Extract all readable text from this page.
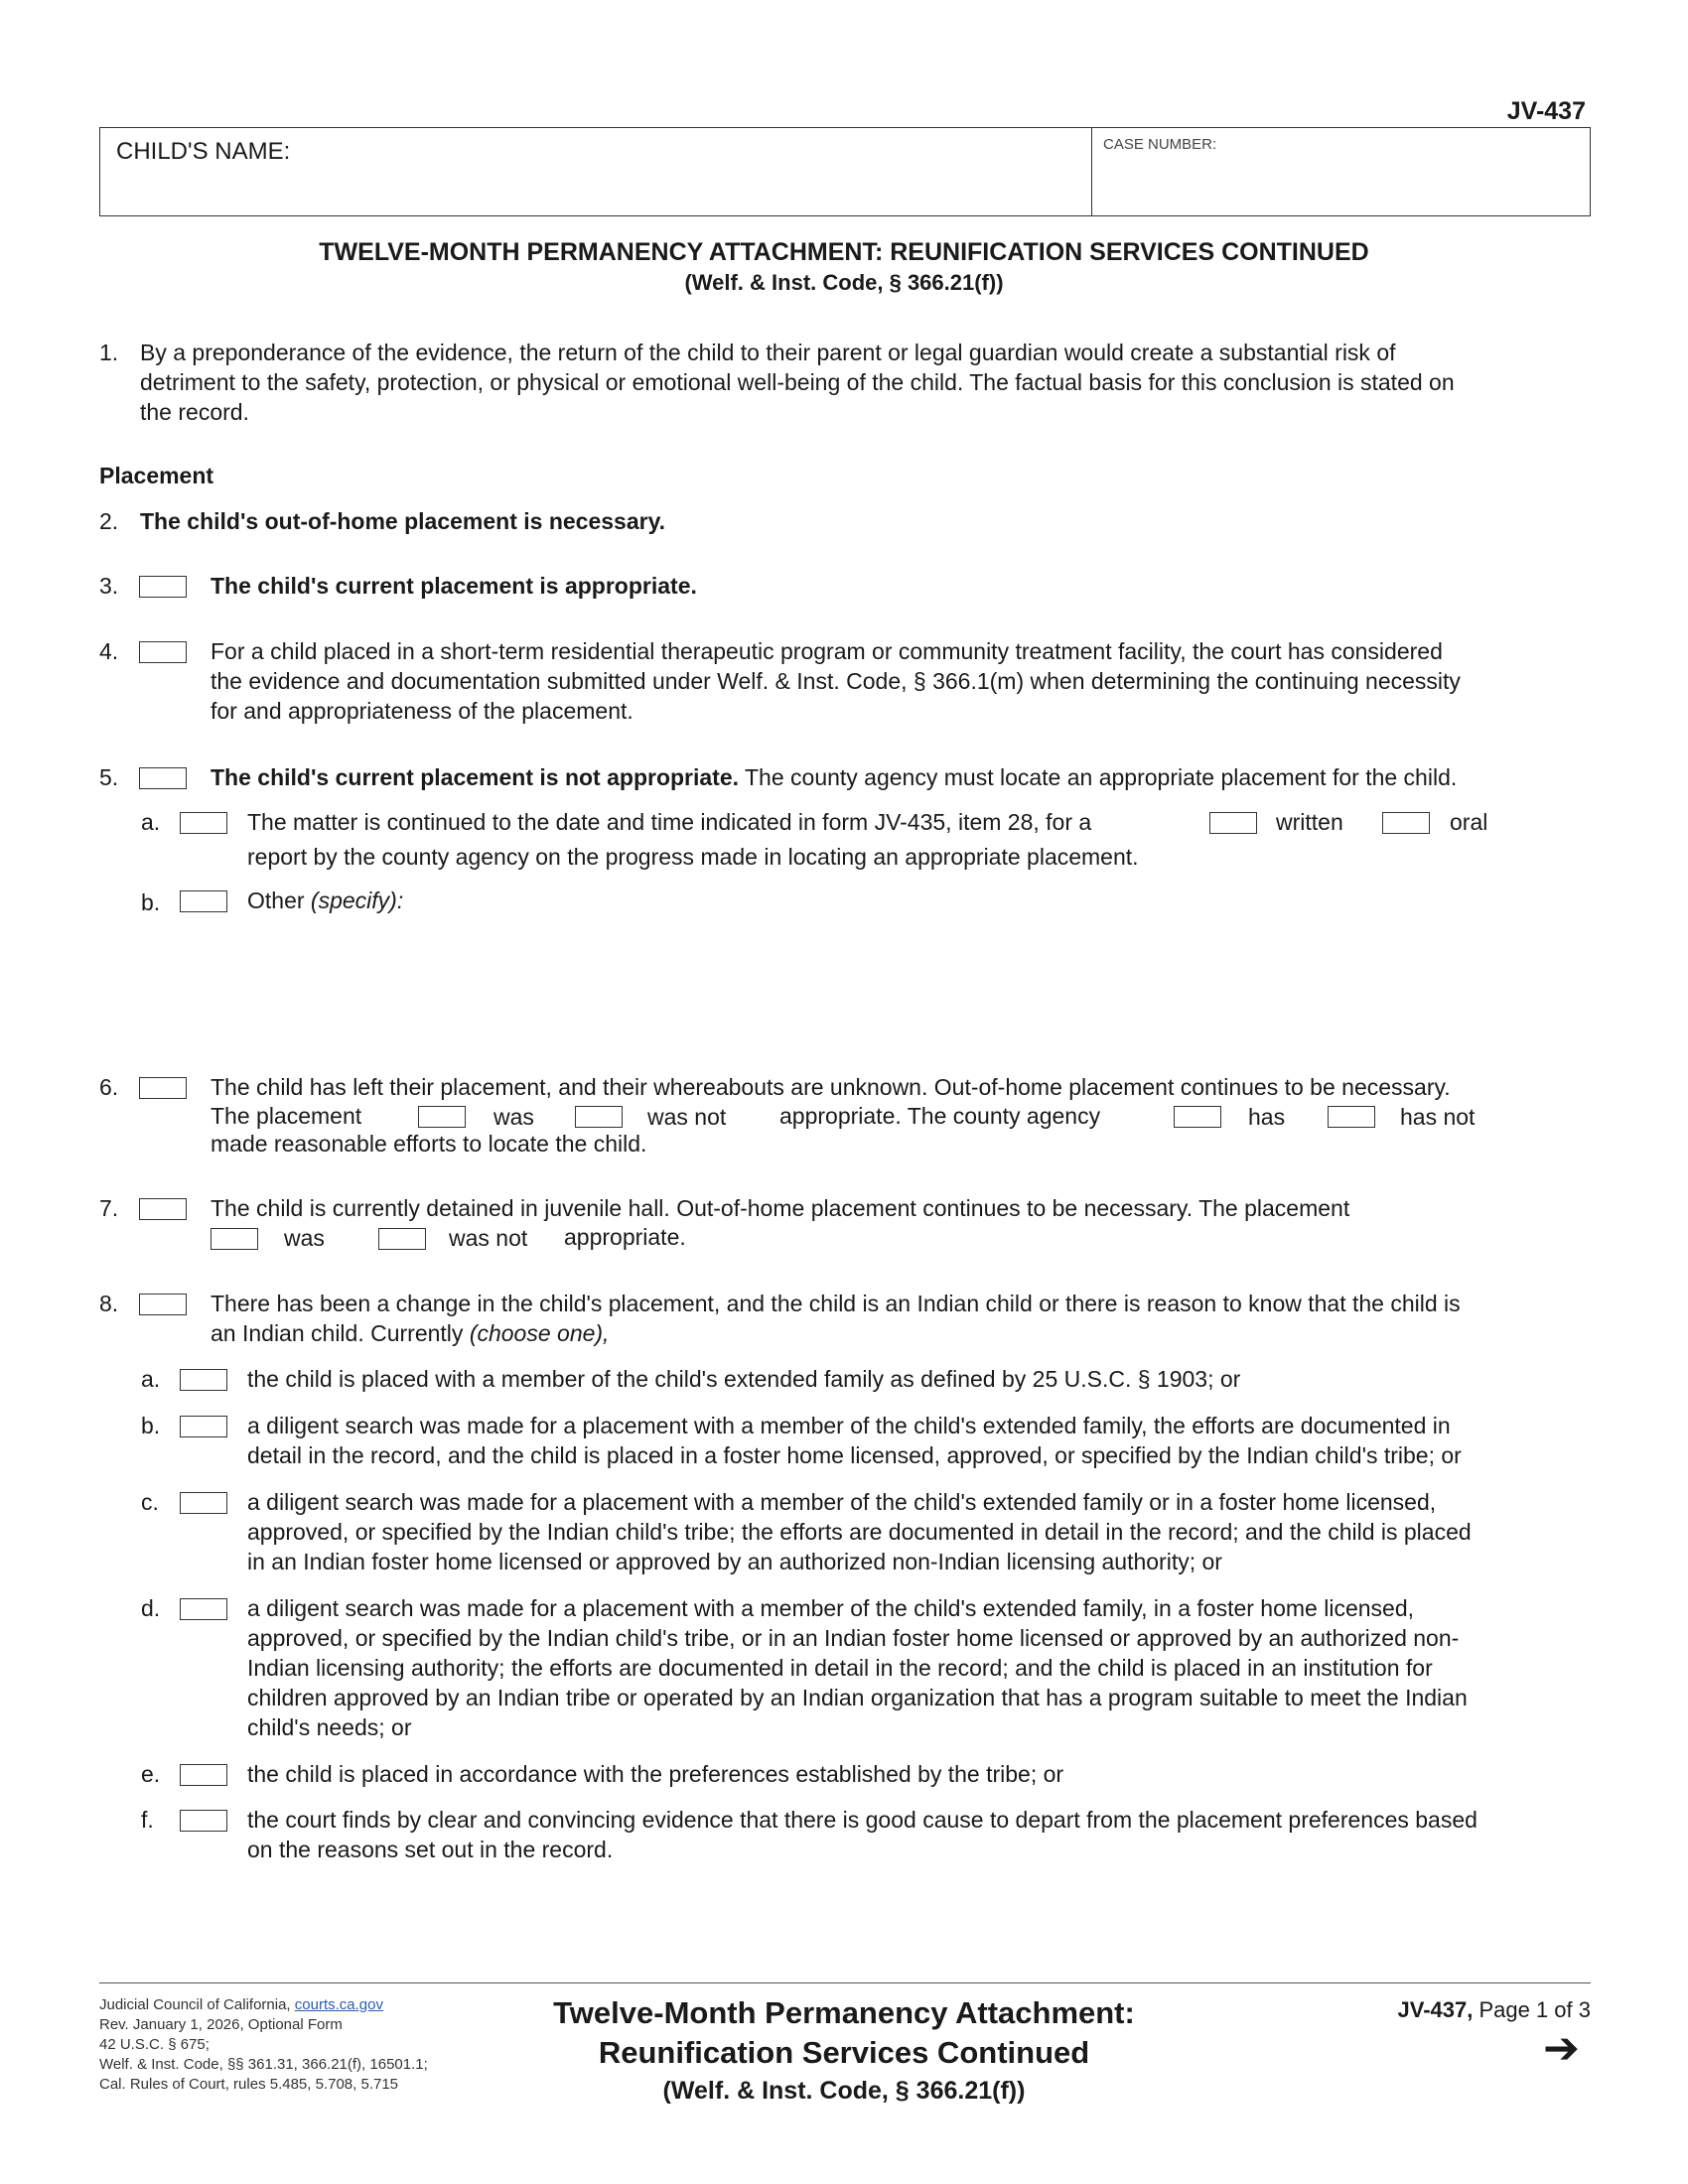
JV-437
CHILD'S NAME:	CASE NUMBER:
TWELVE-MONTH PERMANENCY ATTACHMENT: REUNIFICATION SERVICES CONTINUED
(Welf. & Inst. Code, § 366.21(f))
1. By a preponderance of the evidence, the return of the child to their parent or legal guardian would create a substantial risk of
detriment to the safety, protection, or physical or emotional well-being of the child. The factual basis for this conclusion is stated on
the record.
Placement
2. The child's out-of-home placement is necessary.
3.	The child's current placement is appropriate.
4.	For a child placed in a short-term residential therapeutic program or community treatment facility, the court has considered
the evidence and documentation submitted under Welf. & Inst. Code, § 366.1(m) when determining the continuing necessity
for and appropriateness of the placement.
5.	The child's current placement is not appropriate. The county agency must locate an appropriate placement for the child.
a.	The matter is continued to the date and time indicated in form JV-435, item 28, for a	written	oral
report by the county agency on the progress made in locating an appropriate placement.
b.	Other (specify):
6.	The child has left their placement, and their whereabouts are unknown. Out-of-home placement continues to be necessary.
The placement	was	was not appropriate. The county agency	has	has not
made reasonable efforts to locate the child.
7.	The child is currently detained in juvenile hall. Out-of-home placement continues to be necessary. The placement
was	was not appropriate.
8.	There has been a change in the child's placement, and the child is an Indian child or there is reason to know that the child is
an Indian child. Currently (choose one),
a.	the child is placed with a member of the child's extended family as defined by 25 U.S.C. § 1903; or
b.	a diligent search was made for a placement with a member of the child's extended family, the efforts are documented in
detail in the record, and the child is placed in a foster home licensed, approved, or specified by the Indian child's tribe; or
c.	a diligent search was made for a placement with a member of the child's extended family or in a foster home licensed,
approved, or specified by the Indian child's tribe; the efforts are documented in detail in the record; and the child is placed
in an Indian foster home licensed or approved by an authorized non-Indian licensing authority; or
d.	a diligent search was made for a placement with a member of the child's extended family, in a foster home licensed,
approved, or specified by the Indian child's tribe, or in an Indian foster home licensed or approved by an authorized non-
Indian licensing authority; the efforts are documented in detail in the record; and the child is placed in an institution for
children approved by an Indian tribe or operated by an Indian organization that has a program suitable to meet the Indian
child's needs; or
e.	the child is placed in accordance with the preferences established by the tribe; or
f.	the court finds by clear and convincing evidence that there is good cause to depart from the placement preferences based
on the reasons set out in the record.
Judicial Council of California, courts.ca.gov
Rev. January 1, 2026, Optional Form
42 U.S.C. § 675;
Welf. & Inst. Code, §§ 361.31, 366.21(f), 16501.1;
Cal. Rules of Court, rules 5.485, 5.708, 5.715
Twelve-Month Permanency Attachment:
Reunification Services Continued
(Welf. & Inst. Code, § 366.21(f))
JV-437, Page 1 of 3
➔
